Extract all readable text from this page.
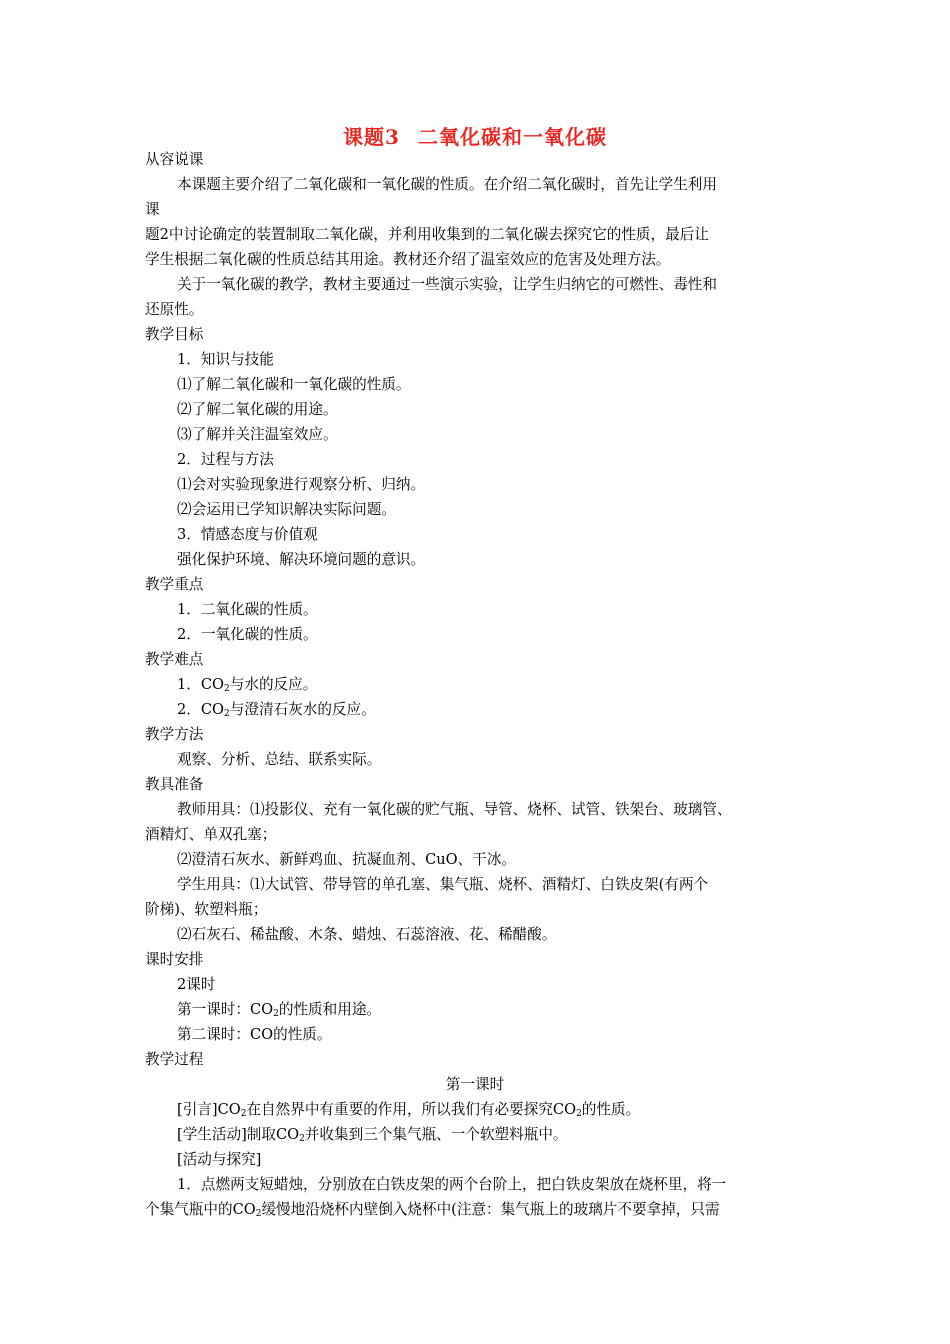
课题3 二氧化碳和一氧化碳
从容说课
本课题主要介绍了二氧化碳和一氧化碳的性质。在介绍二氧化碳时，首先让学生利用
课
题2中讨论确定的装置制取二氧化碳，并利用收集到的二氧化碳去探究它的性质，最后让
学生根据二氧化碳的性质总结其用途。教材还介绍了温室效应的危害及处理方法。
关于一氧化碳的教学，教材主要通过一些演示实验，让学生归纳它的可燃性、毒性和
还原性。
教学目标
1．知识与技能
⑴了解二氧化碳和一氧化碳的性质。
⑵了解二氧化碳的用途。
⑶了解并关注温室效应。
2．过程与方法
⑴会对实验现象进行观察分析、归纳。
⑵会运用已学知识解决实际问题。
3．情感态度与价值观
强化保护环境、解决环境问题的意识。
教学重点
1．二氧化碳的性质。
2．一氧化碳的性质。
教学难点
1．$CO_2$与水的反应。
2．$CO_2$与澄清石灰水的反应。
教学方法
观察、分析、总结、联系实际。
教具准备
教师用具：⑴投影仪、充有一氧化碳的贮气瓶、导管、烧杯、试管、铁架台、玻璃管、
酒精灯、单双孔塞；
⑵澄清石灰水、新鲜鸡血、抗凝血剂、CuO、干冰。
学生用具：⑴大试管、带导管的单孔塞、集气瓶、烧杯、酒精灯、白铁皮架(有两个
阶梯)、软塑料瓶；
⑵石灰石、稀盐酸、木条、蜡烛、石蕊溶液、花、稀醋酸。
课时安排
2课时
第一课时：$CO_2$的性质和用途。
第二课时：CO的性质。
教学过程
第一课时
[引言]$CO_2$在自然界中有重要的作用，所以我们有必要探究$CO_2$的性质。
[学生活动]制取$CO_2$并收集到三个集气瓶、一个软塑料瓶中。
[活动与探究]
1．点燃两支短蜡烛，分别放在白铁皮架的两个台阶上，把白铁皮架放在烧杯里，将一
个集气瓶中的$CO_2$缓慢地沿烧杯内壁倒入烧杯中(注意：集气瓶上的玻璃片不要拿掉，只需
